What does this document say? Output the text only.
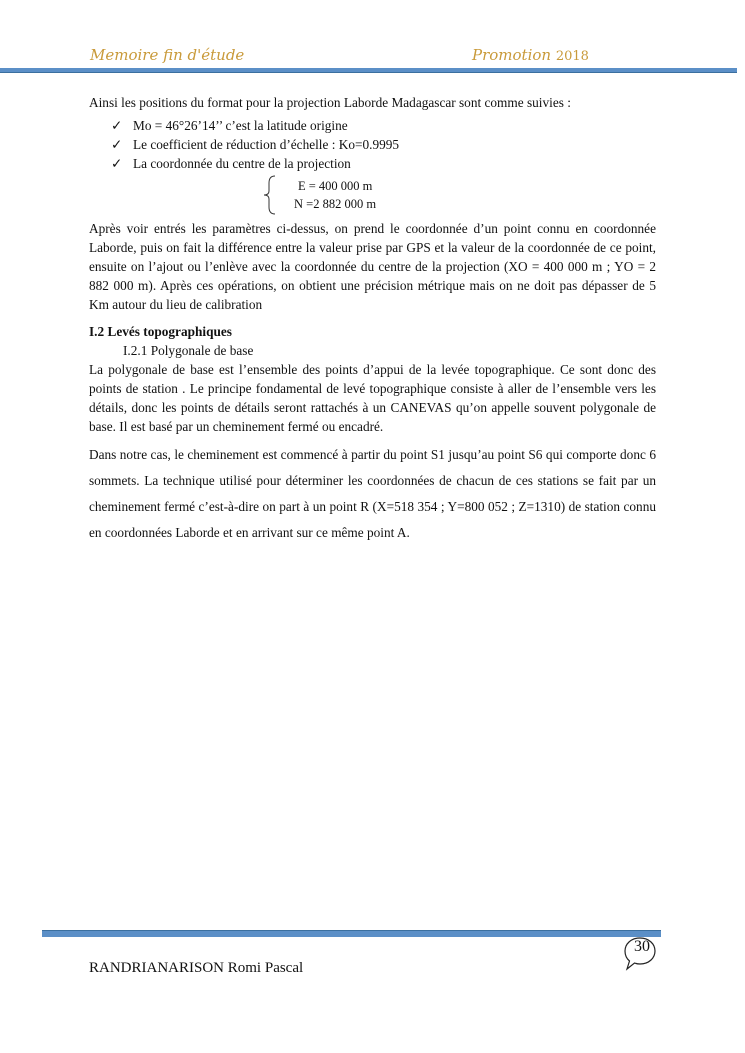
Memoire fin d'étude	Promotion 2018

Ainsi les positions du format pour la projection Laborde Madagascar sont comme suivies :

✓ Mo = 46°26’14’’ c’est la latitude origine
✓ Le coefficient de réduction d’échelle : Ko=0.9995
✓ La coordonnée du centre de la projection
E = 400 000 m
N =2 882 000 m

Après voir entrés les paramètres ci-dessus, on prend le coordonnée d’un point connu en coordonnée Laborde, puis on fait la différence entre la valeur prise par GPS et la valeur de la coordonnée de ce point, ensuite on l’ajout ou l’enlève avec la coordonnée du centre de la projection (XO = 400 000 m ; YO = 2 882 000 m). Après ces opérations, on obtient une précision métrique mais on ne doit pas dépasser de 5 Km autour du lieu de calibration

I.2 Levés topographiques
I.2.1 Polygonale de base

La polygonale de base est l’ensemble des points d’appui de la levée topographique. Ce sont donc des points de station . Le principe fondamental de levé topographique consiste à aller de l’ensemble vers les détails, donc les points de détails seront rattachés à un CANEVAS qu’on appelle souvent polygonale de base. Il est basé par un cheminement fermé ou encadré.

Dans notre cas, le cheminement est commencé à partir du point S1 jusqu’au point S6 qui comporte donc 6 sommets. La technique utilisé pour déterminer les coordonnées de chacun de ces stations se fait par un cheminement fermé c’est-à-dire on part à un point R (X=518 354 ; Y=800 052 ; Z=1310) de station connu en coordonnées Laborde et en arrivant sur ce même point A.

30
RANDRIANARISON Romi Pascal
